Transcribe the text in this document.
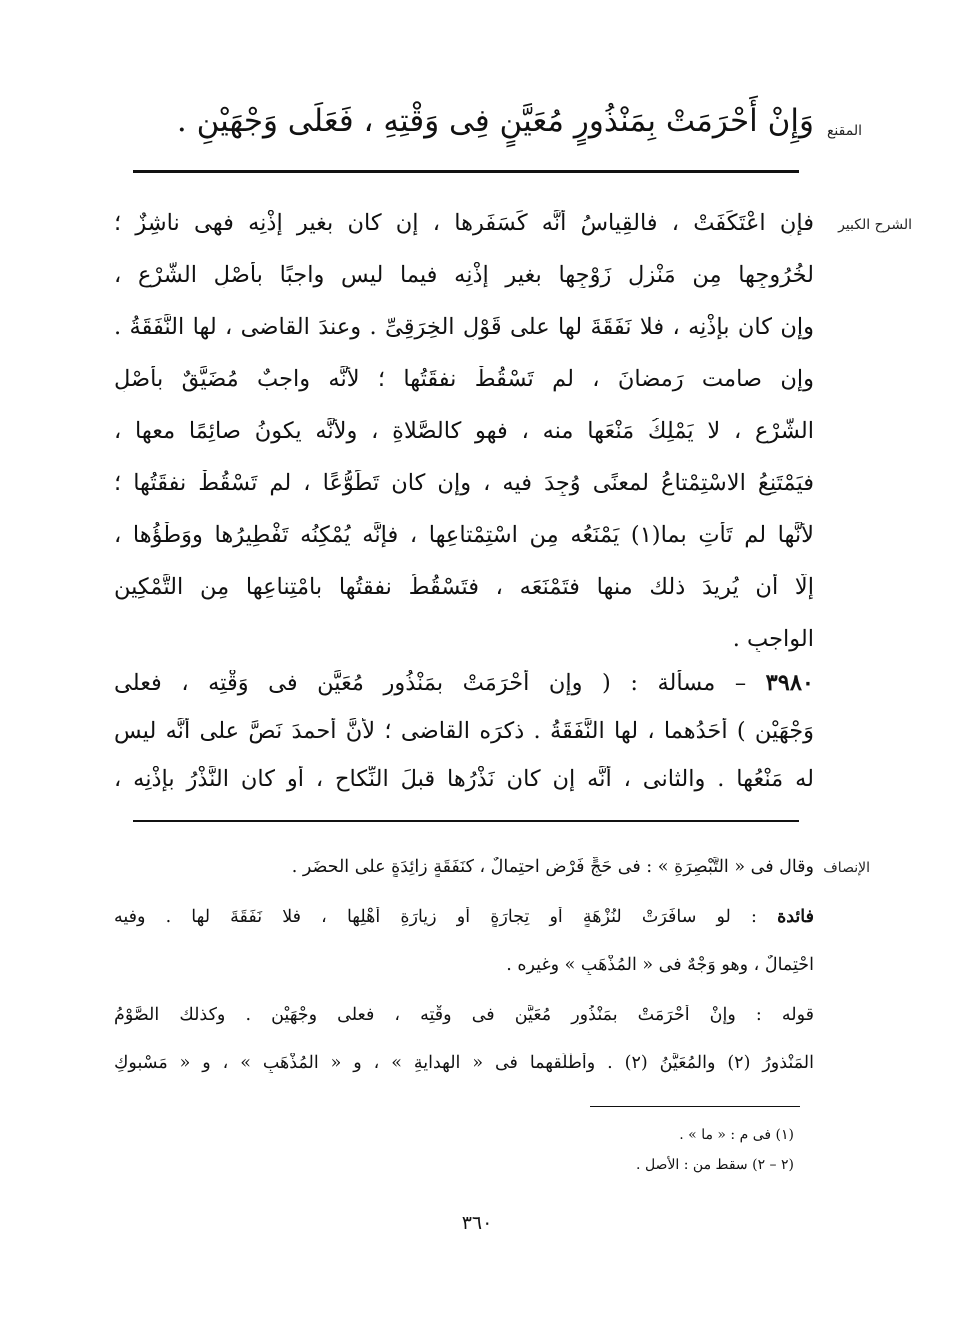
المقنع
وَإِنْ أَحْرَمَتْ بِمَنْذُورٍ مُعَيَّنٍ فِى وَقْتِهِ ، فَعَلَى وَجْهَيْنِ .
الشرح الكبير
فإنِ اعْتَكَفَتْ ، فالقِياسُ أنَّه كَسَفَرِها ، إن كان بغيرِ إذْنِه فهى ناشِزٌ ؛
لخُرُوجِها مِن مَنْزِلِ زَوْجِها بغيرِ إذْنِه فيما ليس واجبًا بأصْلِ الشَّرْعِ ،
وإن كان بإذْنِه ، فلا نَفَقَةَ لها على قَوْلِ الخِرَقِىِّ . وعندَ القاضى ، لها النَّفَقَةُ .
وإن صامت رَمضانَ ، لم تَسْقُطْ نفقَتُها ؛ لأنَّه واجبٌ مُضَيَّقٌ بأصْلِ
الشَّرْعِ ، لا يَمْلِكُ مَنْعَها منه ، فهو كالصَّلاةِ ، ولأنَّه يكونُ صائِمًا معها ،
فيَمْتَنِعُ الاسْتِمْتاعُ لمعنًى وُجِدَ فيه ، وإن كان تَطَوُّعًا ، لم تَسْقُطْ نفقَتُها ؛
لأنَّها لم تَأْتِ بما(١) يَمْنَعُه مِن اسْتِمْتاعِها ، فإنَّه يُمْكِنُه تَفْطِيرُها ووَطْؤُها ،
إلَّا أن يُرِيدَ ذلك منها فتَمْنَعَه ، فتَسْقُطُ نفقتُها بامْتِناعِها مِن التَّمْكِينِ
الواجبِ .
٣٩٨٠ – مسألة : ( وإن أحْرَمَتْ بمَنْذُورٍ مُعَيَّنٍ فى وَقْتِه ، فعلى
وَجْهَيْن ) أحَدُهما ، لها النَّفَقَةُ . ذكرَه القاضى ؛ لأنَّ أحمدَ نَصَّ على أنَّه ليس
له مَنْعُها . والثانى ، أنَّه إن كان نَذْرُها قبلَ النِّكاحِ ، أو كان النَّذْرُ بإذْنِه ،
الإنصاف
وقال فى « التَّبْصِرَةِ » : فى حَجٍّ فَرْضٍ احتِمالٌ ، كنَفَقَةٍ زائِدَةٍ على الحضَرِ .
فائدة : لو سافَرَتْ لنُزْهَةٍ أو تِجارَةٍ أو زِيارَةِ أهْلِها ، فلا نَفَقَةَ لها . وفيه
احْتِمالٌ ، وهو وَجْهٌ فى « المُذْهَبِ » وغيرِه .
قوله : وإنْ أحْرَمَتْ بمَنْذُورٍ مُعَيَّنٍ فى وقْتِه ، فعلى وجْهَيْن . وكذلك الصَّوْمُ
المَنْذورُ (٢) والمُعَيَّنُ (٢) . وأطْلَقهما فى « الهِدايةِ » ، و « المُذْهَبِ » ، و « مَسْبوكِ
(١) فى م : « ما » .
(٢ – ٢) سقط من : الأصل .
٣٦٠
